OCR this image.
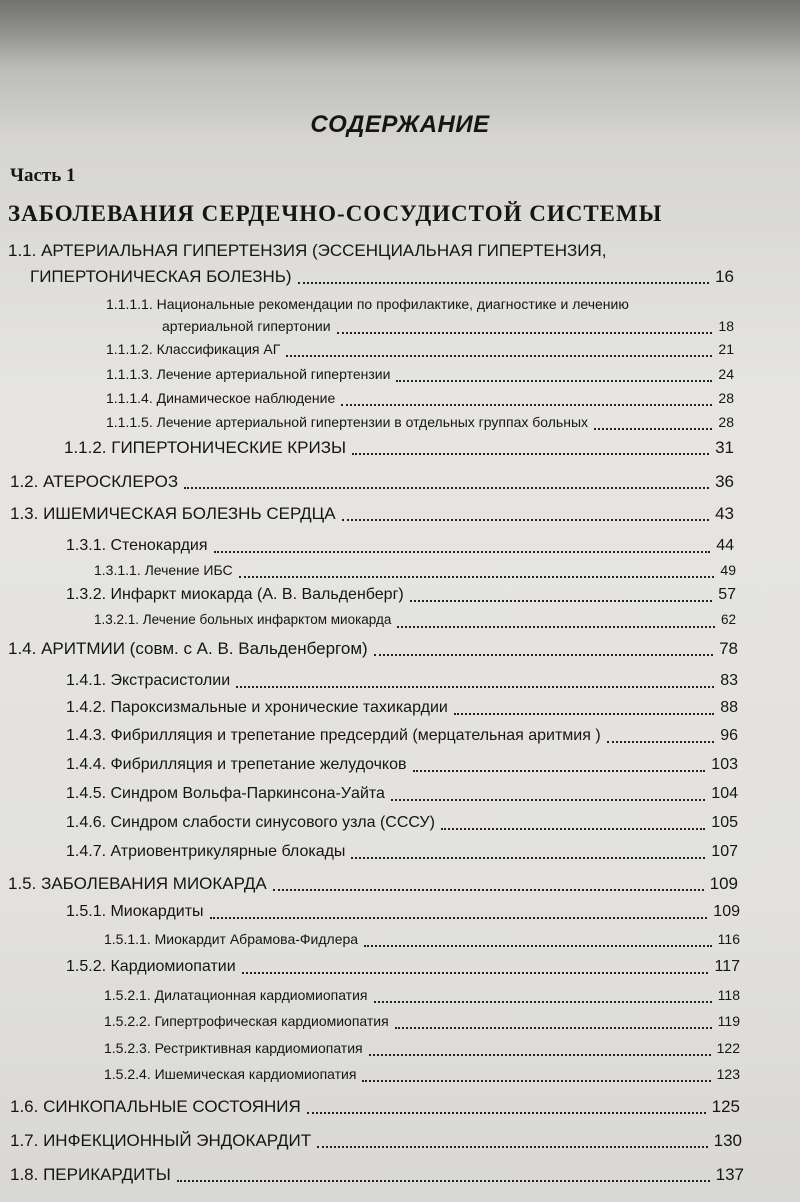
СОДЕРЖАНИЕ
Часть 1
ЗАБОЛЕВАНИЯ СЕРДЕЧНО-СОСУДИСТОЙ СИСТЕМЫ
1.1. АРТЕРИАЛЬНАЯ ГИПЕРТЕНЗИЯ (ЭССЕНЦИАЛЬНАЯ ГИПЕРТЕНЗИЯ,
ГИПЕРТОНИЧЕСКАЯ БОЛЕЗНЬ)	16
1.1.1.1. Национальные рекомендации по профилактике, диагностике и лечению
артериальной гипертонии	18
1.1.1.2. Классификация АГ	21
1.1.1.3. Лечение артериальной гипертензии	24
1.1.1.4. Динамическое наблюдение	28
1.1.1.5. Лечение артериальной гипертензии в отдельных группах больных	28
1.1.2. ГИПЕРТОНИЧЕСКИЕ КРИЗЫ	31
1.2. АТЕРОСКЛЕРОЗ	36
1.3. ИШЕМИЧЕСКАЯ БОЛЕЗНЬ СЕРДЦА	43
1.3.1. Стенокардия	44
1.3.1.1. Лечение ИБС	49
1.3.2. Инфаркт миокарда (А. В. Вальденберг)	57
1.3.2.1. Лечение больных инфарктом миокарда	62
1.4. АРИТМИИ (совм. с А. В. Вальденбергом)	78
1.4.1. Экстрасистолии	83
1.4.2. Пароксизмальные и хронические тахикардии	88
1.4.3. Фибрилляция и трепетание предсердий (мерцательная аритмия )	96
1.4.4. Фибрилляция и трепетание желудочков	103
1.4.5. Синдром Вольфа-Паркинсона-Уайта	104
1.4.6. Синдром слабости синусового узла (СССУ)	105
1.4.7. Атриовентрикулярные блокады	107
1.5. ЗАБОЛЕВАНИЯ МИОКАРДА	109
1.5.1. Миокардиты	109
1.5.1.1. Миокардит Абрамова-Фидлера	116
1.5.2. Кардиомиопатии	117
1.5.2.1. Дилатационная кардиомиопатия	118
1.5.2.2. Гипертрофическая кардиомиопатия	119
1.5.2.3. Рестриктивная кардиомиопатия	122
1.5.2.4. Ишемическая кардиомиопатия	123
1.6. СИНКОПАЛЬНЫЕ СОСТОЯНИЯ	125
1.7. ИНФЕКЦИОННЫЙ ЭНДОКАРДИТ	130
1.8. ПЕРИКАРДИТЫ	137
